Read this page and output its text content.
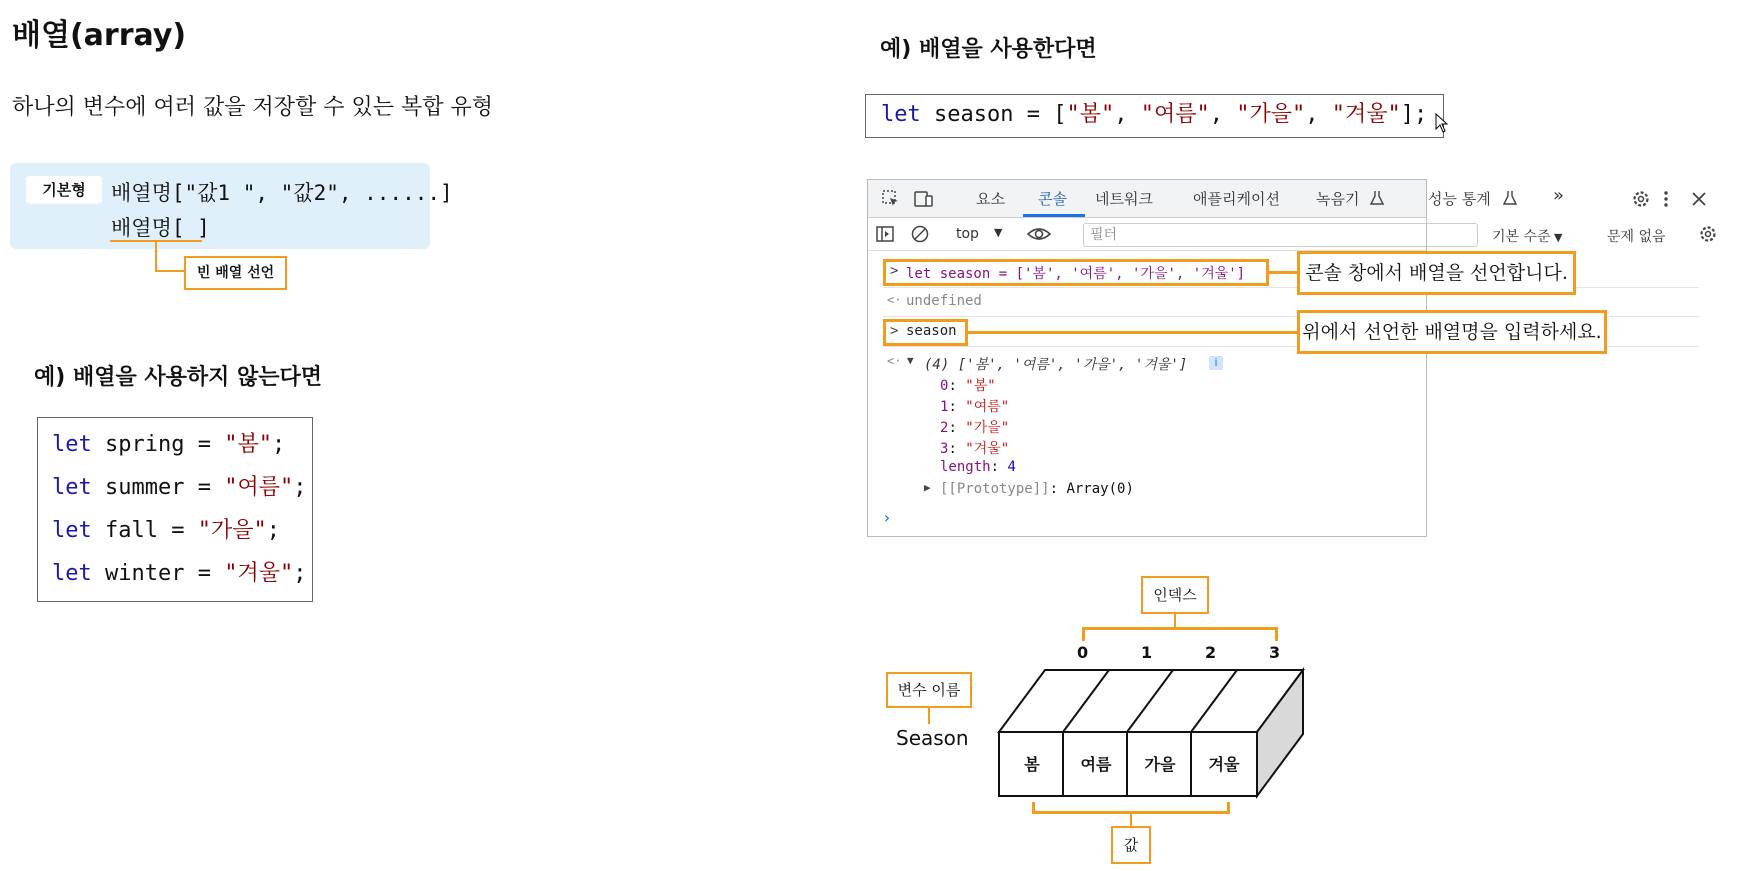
배열(array)
하나의 변수에 여러 값을 저장할 수 있는 복합 유형
기본형	배열명["값1 ", "값2", ......]
배열명[ ]
빈 배열 선언
예) 배열을 사용하지 않는다면
let spring = "봄";
let summer = "여름";
let fall = "가을";
let winter = "겨울";
예) 배열을 사용한다면
let season = ["봄", "여름", "가을", "겨울"];
요소 콘솔 네트워크	애플리케이션 녹음기	성능 통계	»
top ▼	필터	기본 수준 ▼	문제 없음
> let season = ['봄', '여름', '가을', '겨울']	콘솔 창에서 배열을 선언합니다.
<· undefined
> season	위에서 선언한 배열명을 입력하세요.
<· ▼ (4) ['봄', '여름', '가을', '겨울']	i
0: "봄"
1: "여름"
2: "가을"
3: "겨울"
length: 4
▶ [[Prototype]]: Array(0)
›
인덱스
0	1	2	3
변수 이름
Season
봄	여름	가을	겨울
값
